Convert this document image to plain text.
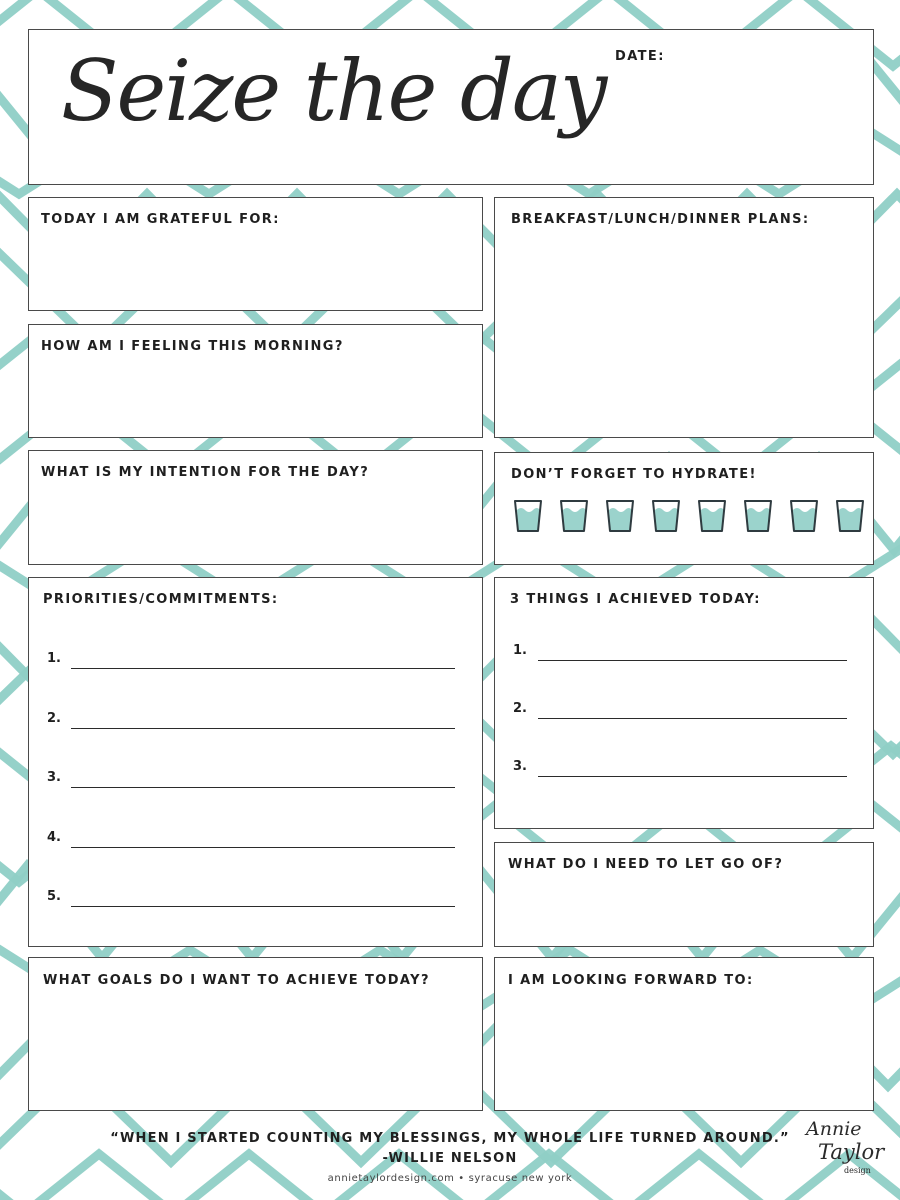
Seize the day DATE:
TODAY I AM GRATEFUL FOR:	BREAKFAST/LUNCH/DINNER PLANS:
HOW AM I FEELING THIS MORNING?
WHAT IS MY INTENTION FOR THE DAY?	DON’T FORGET TO HYDRATE!
PRIORITIES/COMMITMENTS:
1.
2.
3.
4.
5.
3 THINGS I ACHIEVED TODAY:
1.
2.
3.
WHAT DO I NEED TO LET GO OF?
WHAT GOALS DO I WANT TO ACHIEVE TODAY?	I AM LOOKING FORWARD TO:
“WHEN I STARTED COUNTING MY BLESSINGS, MY WHOLE LIFE TURNED AROUND.”
-WILLIE NELSON
annietaylordesign.com • syracuse new york
Annie
Taylor
design
